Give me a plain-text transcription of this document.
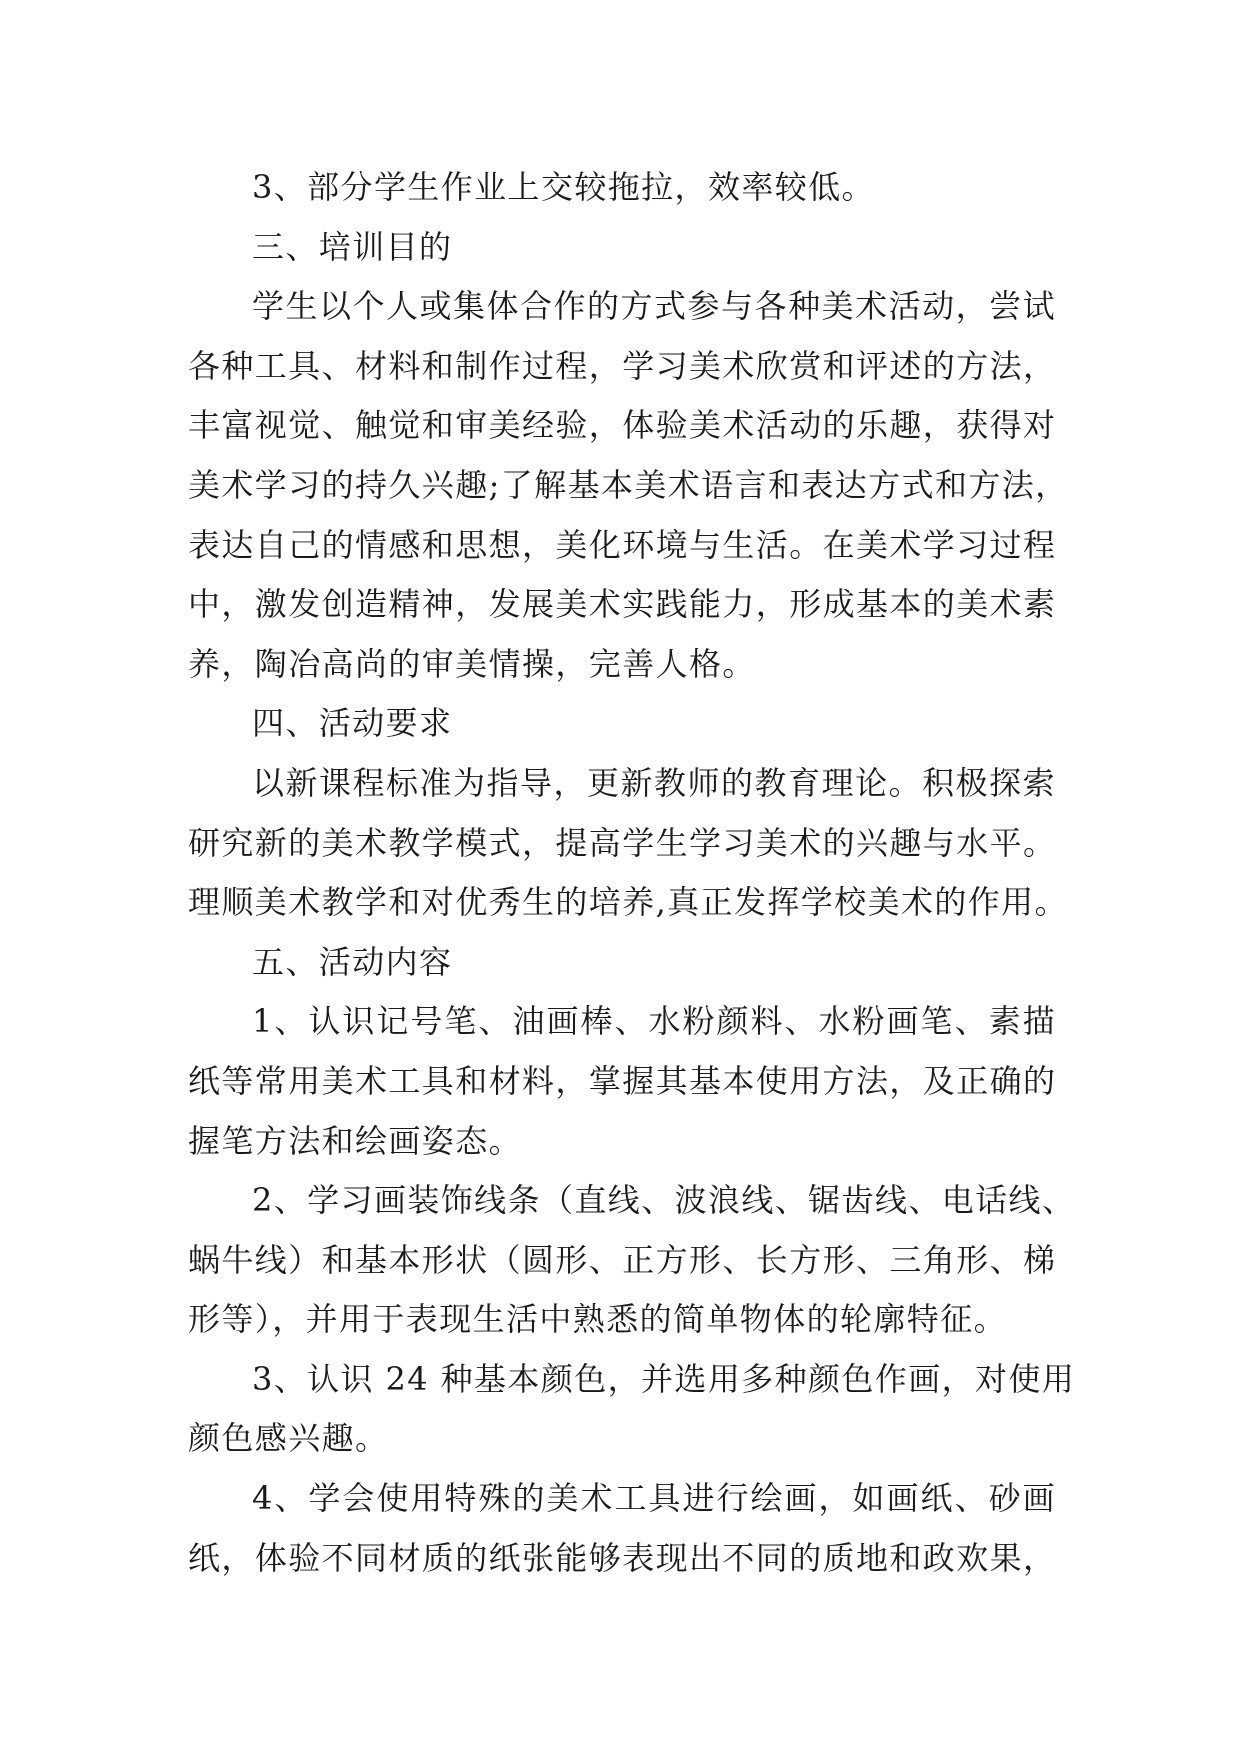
3、部分学生作业上交较拖拉，效率较低。
三、培训目的
学生以个人或集体合作的方式参与各种美术活动，尝试
各种工具、材料和制作过程，学习美术欣赏和评述的方法，
丰富视觉、触觉和审美经验，体验美术活动的乐趣，获得对
美术学习的持久兴趣;了解基本美术语言和表达方式和方法，
表达自己的情感和思想，美化环境与生活。在美术学习过程
中，激发创造精神，发展美术实践能力，形成基本的美术素
养，陶冶高尚的审美情操，完善人格。
四、活动要求
以新课程标准为指导，更新教师的教育理论。积极探索
研究新的美术教学模式，提高学生学习美术的兴趣与水平。
理顺美术教学和对优秀生的培养,真正发挥学校美术的作用。
五、活动内容
1、认识记号笔、油画棒、水粉颜料、水粉画笔、素描
纸等常用美术工具和材料，掌握其基本使用方法，及正确的
握笔方法和绘画姿态。
2、学习画装饰线条（直线、波浪线、锯齿线、电话线、
蜗牛线）和基本形状（圆形、正方形、长方形、三角形、梯
形等），并用于表现生活中熟悉的简单物体的轮廓特征。
3、认识 24 种基本颜色，并选用多种颜色作画，对使用
颜色感兴趣。
4、学会使用特殊的美术工具进行绘画，如画纸、砂画
纸，体验不同材质的纸张能够表现出不同的质地和政欢果，
